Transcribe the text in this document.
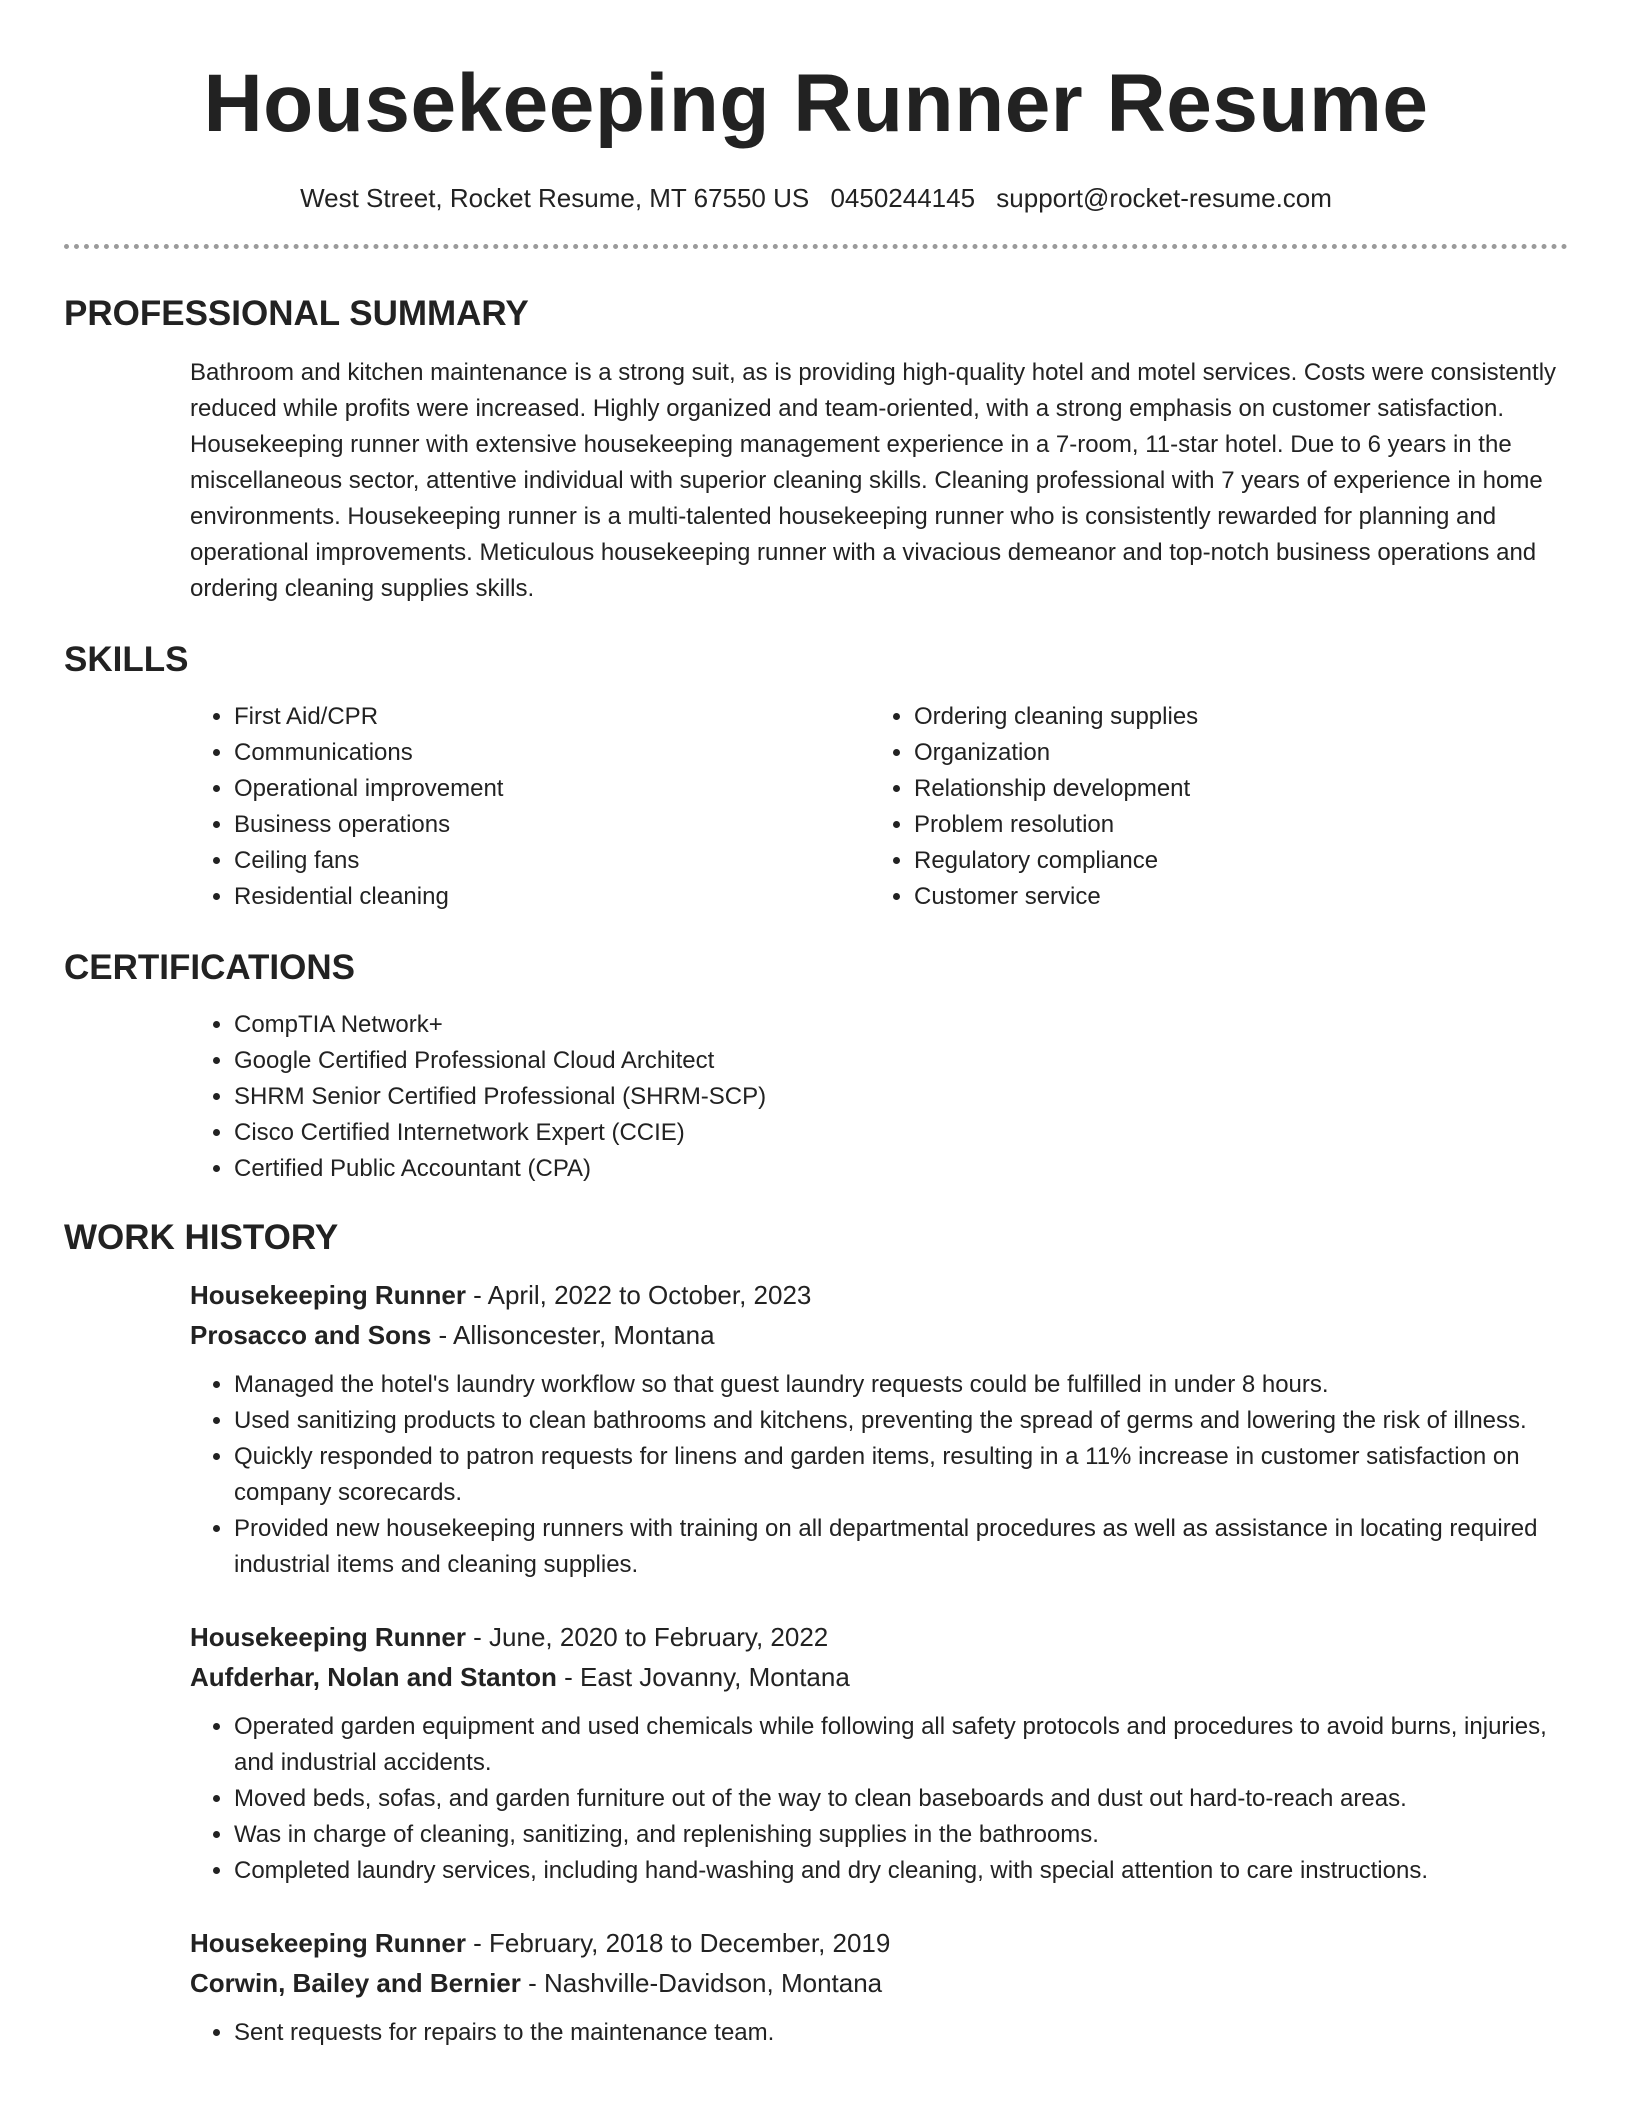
Housekeeping Runner Resume
West Street, Rocket Resume, MT 67550 US 0450244145 support@rocket-resume.com
PROFESSIONAL SUMMARY

Bathroom and kitchen maintenance is a strong suit, as is providing high-quality hotel and motel services. Costs were consistently reduced while profits were increased. Highly organized and team-oriented, with a strong emphasis on customer satisfaction. Housekeeping runner with extensive housekeeping management experience in a 7-room, 11-star hotel. Due to 6 years in the miscellaneous sector, attentive individual with superior cleaning skills. Cleaning professional with 7 years of experience in home environments. Housekeeping runner is a multi-talented housekeeping runner who is consistently rewarded for planning and operational improvements. Meticulous housekeeping runner with a vivacious demeanor and top-notch business operations and ordering cleaning supplies skills.

SKILLS
• First Aid/CPR
• Communications
• Operational improvement
• Business operations
• Ceiling fans
• Residential cleaning
• Ordering cleaning supplies
• Organization
• Relationship development
• Problem resolution
• Regulatory compliance
• Customer service
CERTIFICATIONS
• CompTIA Network+
• Google Certified Professional Cloud Architect
• SHRM Senior Certified Professional (SHRM-SCP)
• Cisco Certified Internetwork Expert (CCIE)
• Certified Public Accountant (CPA)
WORK HISTORY
Housekeeping Runner - April, 2022 to October, 2023
Prosacco and Sons - Allisoncester, Montana
• Managed the hotel's laundry workflow so that guest laundry requests could be fulfilled in under 8 hours.
• Used sanitizing products to clean bathrooms and kitchens, preventing the spread of germs and lowering the risk of illness.
• Quickly responded to patron requests for linens and garden items, resulting in a 11% increase in customer satisfaction on company scorecards.
• Provided new housekeeping runners with training on all departmental procedures as well as assistance in locating required industrial items and cleaning supplies.
Housekeeping Runner - June, 2020 to February, 2022
Aufderhar, Nolan and Stanton - East Jovanny, Montana
• Operated garden equipment and used chemicals while following all safety protocols and procedures to avoid burns, injuries, and industrial accidents.
• Moved beds, sofas, and garden furniture out of the way to clean baseboards and dust out hard-to-reach areas.
• Was in charge of cleaning, sanitizing, and replenishing supplies in the bathrooms.
• Completed laundry services, including hand-washing and dry cleaning, with special attention to care instructions.
Housekeeping Runner - February, 2018 to December, 2019
Corwin, Bailey and Bernier - Nashville-Davidson, Montana
• Sent requests for repairs to the maintenance team.
